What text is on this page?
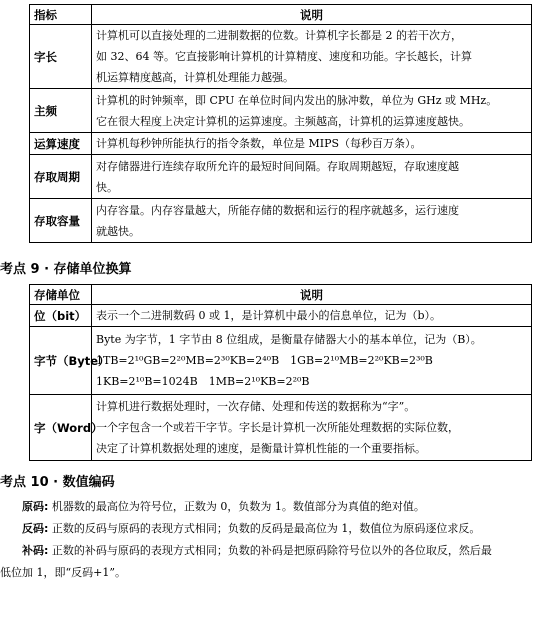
指标	说明
字长	计算机可以直接处理的二进制数据的位数。计算机字长都是 2 的若干次方，
如 32、64 等。它直接影响计算机的计算精度、速度和功能。字长越长，计算
机运算精度越高，计算机处理能力越强。

主频	计算机的时钟频率，即 CPU 在单位时间内发出的脉冲数，单位为 GHz 或 MHz。
它在很大程度上决定计算机的运算速度。主频越高，计算机的运算速度越快。

运算速度	计算机每秒钟所能执行的指令条数，单位是 MIPS（每秒百万条）。

存取周期	对存储器进行连续存取所允许的最短时间间隔。存取周期越短，存取速度越
快。

存取容量	内存容量。内存容量越大，所能存储的数据和运行的程序就越多，运行速度
就越快。
考点 9 · 存储单位换算
存储单位	说明
位（bit）	表示一个二进制数码 0 或 1，是计算机中最小的信息单位，记为（b）。

字节（Byte）	Byte 为字节，1 字节由 8 位组成，是衡量存储器大小的基本单位，记为（B）。
1TB=2¹⁰GB=2²⁰MB=2³⁰KB=2⁴⁰B　1GB=2¹⁰MB=2²⁰KB=2³⁰B
1KB=2¹⁰B=1024B　1MB=2¹⁰KB=2²⁰B

字（Word）	计算机进行数据处理时，一次存储、处理和传送的数据称为“字”。
一个字包含一个或若干字节。字长是计算机一次所能处理数据的实际位数，
决定了计算机数据处理的速度，是衡量计算机性能的一个重要指标。
考点 10 · 数值编码
原码: 机器数的最高位为符号位，正数为 0，负数为 1。数值部分为真值的绝对值。
反码: 正数的反码与原码的表现方式相同；负数的反码是最高位为 1，数值位为原码逐位求反。
补码: 正数的补码与原码的表现方式相同；负数的补码是把原码除符号位以外的各位取反，然后最
低位加 1，即“反码+1”。
